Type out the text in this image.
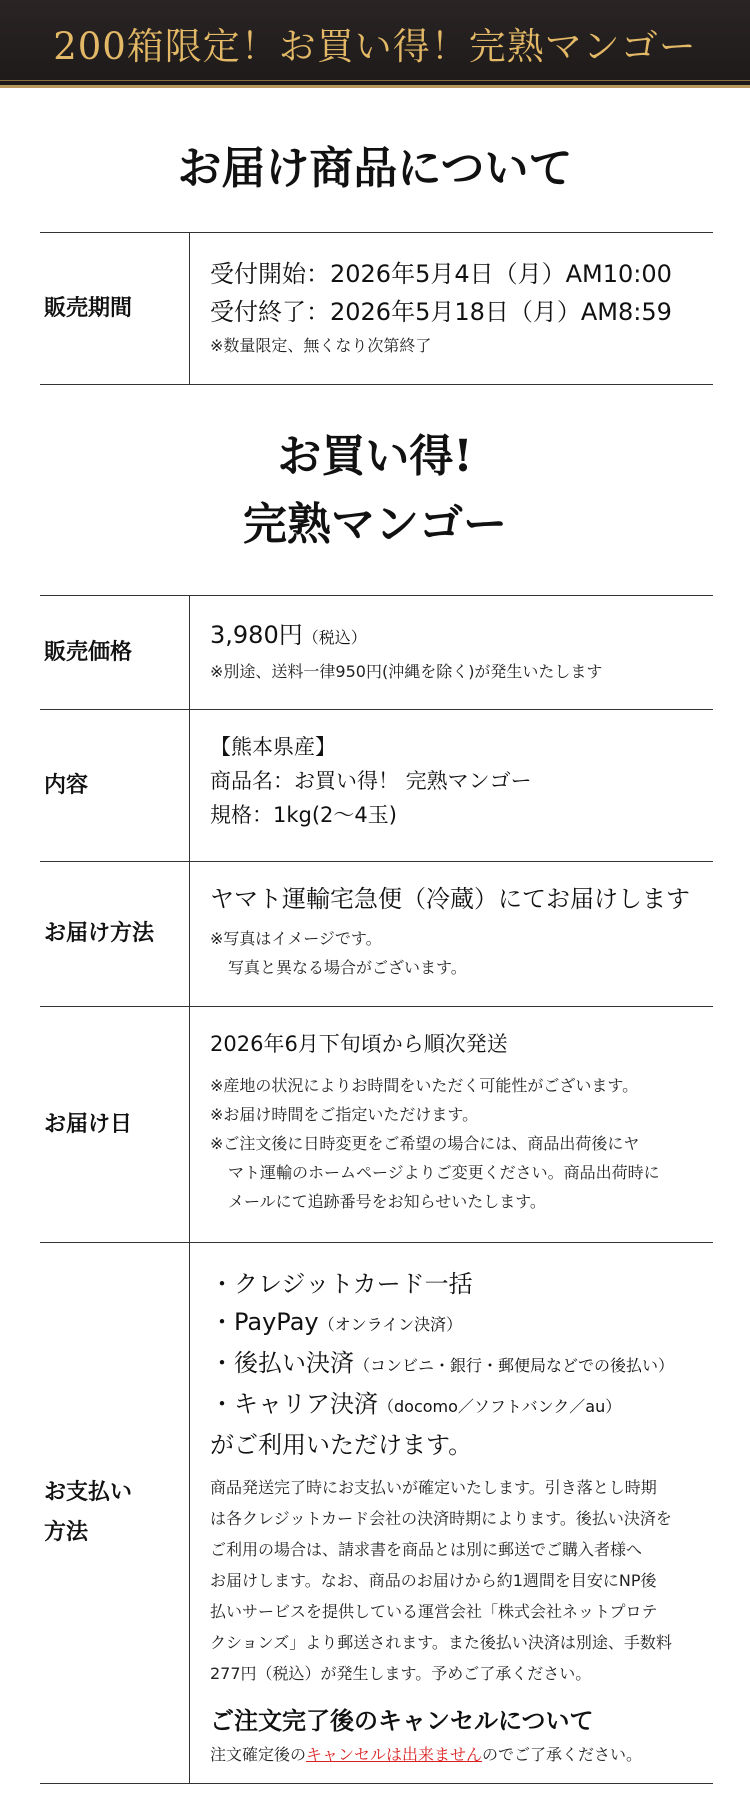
200箱限定！お買い得！完熟マンゴー
お届け商品について
販売期間
受付開始：2026年5月4日（月）AM10:00
受付終了：2026年5月18日（月）AM8:59
※数量限定、無くなり次第終了
お買い得!
完熟マンゴー
販売価格
3,980円（税込）
※別途、送料一律950円(沖縄を除く)が発生いたします
内容
【熊本県産】
商品名：お買い得！ 完熟マンゴー
規格：1kg(2〜4玉)
お届け方法
ヤマト運輸宅急便（冷蔵）にてお届けします
※写真はイメージです。
写真と異なる場合がございます。
お届け日
2026年6月下旬頃から順次発送
※産地の状況によりお時間をいただく可能性がございます。
※お届け時間をご指定いただけます。
※ご注文後に日時変更をご希望の場合には、商品出荷後にヤ
マト運輸のホームページよりご変更ください。商品出荷時に
メールにて追跡番号をお知らせいたします。
お支払い
方法
・クレジットカード一括
・PayPay（オンライン決済）
・後払い決済（コンビニ・銀行・郵便局などでの後払い）
・キャリア決済（docomo／ソフトバンク／au）
がご利用いただけます。
商品発送完了時にお支払いが確定いたします。引き落とし時期
は各クレジットカード会社の決済時期によります。後払い決済を
ご利用の場合は、請求書を商品とは別に郵送でご購入者様へ
お届けします。なお、商品のお届けから約1週間を目安にNP後
払いサービスを提供している運営会社「株式会社ネットプロテ
クションズ」より郵送されます。また後払い決済は別途、手数料
277円（税込）が発生します。予めご了承ください。
ご注文完了後のキャンセルについて
注文確定後のキャンセルは出来ませんのでご了承ください。
